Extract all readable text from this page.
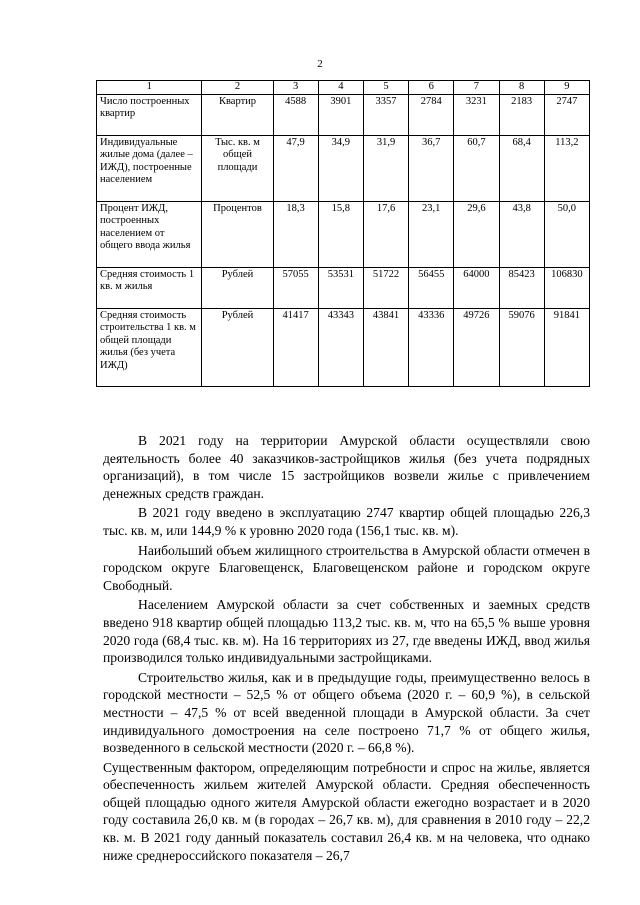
2
1	2	3	4	5	6	7	8	9
Число построенных квартир	Квартир	4588	3901	3357	2784	3231	2183	2747
Индивидуальные жилые дома (далее – ИЖД), построенные населением	Тыс. кв. м общей площади	47,9	34,9	31,9	36,7	60,7	68,4	113,2
Процент ИЖД, построенных населением от общего ввода жилья	Процентов	18,3	15,8	17,6	23,1	29,6	43,8	50,0
Средняя стоимость 1 кв. м жилья	Рублей	57055	53531	51722	56455	64000	85423	106830
Средняя стоимость строительства 1 кв. м общей площади жилья (без учета ИЖД)	Рублей	41417	43343	43841	43336	49726	59076	91841

В 2021 году на территории Амурской области осуществляли свою деятельность более 40 заказчиков-застройщиков жилья (без учета подрядных организаций), в том числе 15 застройщиков возвели жилье с привлечением денежных средств граждан.

В 2021 году введено в эксплуатацию 2747 квартир общей площадью 226,3 тыс. кв. м, или 144,9 % к уровню 2020 года (156,1 тыс. кв. м).

Наибольший объем жилищного строительства в Амурской области отмечен в городском округе Благовещенск, Благовещенском районе и городском округе Свободный.

Населением Амурской области за счет собственных и заемных средств введено 918 квартир общей площадью 113,2 тыс. кв. м, что на 65,5 % выше уровня 2020 года (68,4 тыс. кв. м). На 16 территориях из 27, где введены ИЖД, ввод жилья производился только индивидуальными застройщиками.

Строительство жилья, как и в предыдущие годы, преимущественно велось в городской местности – 52,5 % от общего объема (2020 г. – 60,9 %), в сельской местности – 47,5 % от всей введенной площади в Амурской области. За счет индивидуального домостроения на селе построено 71,7 % от общего жилья, возведенного в сельской местности (2020 г. – 66,8 %).

Существенным фактором, определяющим потребности и спрос на жилье, является обеспеченность жильем жителей Амурской области. Средняя обеспеченность общей площадью одного жителя Амурской области ежегодно возрастает и в 2020 году составила 26,0 кв. м (в городах – 26,7 кв. м), для сравнения в 2010 году – 22,2 кв. м. В 2021 году данный показатель составил 26,4 кв. м на человека, что однако ниже среднероссийского показателя – 26,7
